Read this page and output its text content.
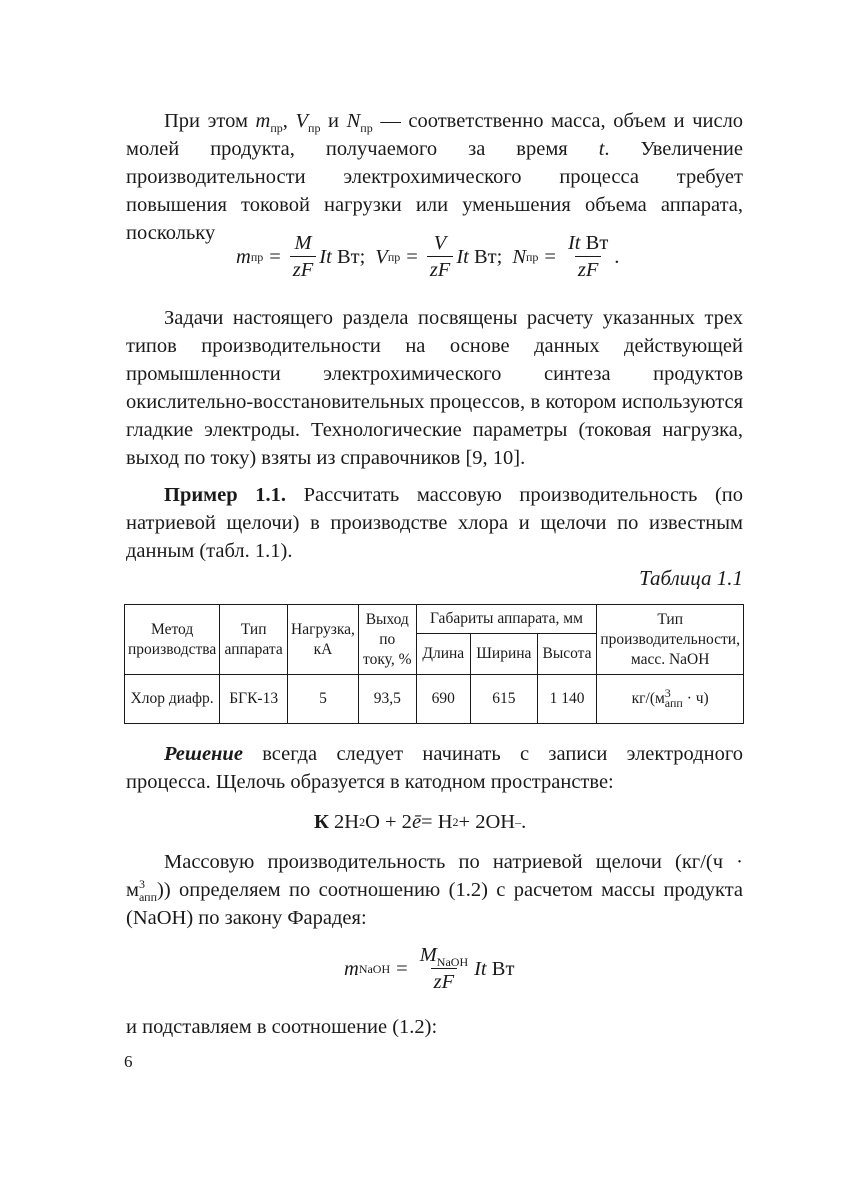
При этом $m_{пр}$, $V_{пр}$ и $N_{пр}$ — соответственно масса, объем и число молей продукта, получаемого за время t. Увеличение производительности электрохимического процесса требует повышения токовой нагрузки или уменьшения объема аппарата, поскольку

m пр = $\frac{M}{zF}$ It
Вт ; V пр = $\frac{V}{zF}$ It
Вт ; N пр = $\frac{\text{It Вт}}{zF}$ .

Задачи настоящего раздела посвящены расчету указанных трех типов производительности на основе данных действующей промышленности электрохимического синтеза продуктов окислительно-восстановительных процессов, в котором используются гладкие электроды. Технологические параметры (токовая нагрузка, выход по току) взяты из справочников [9, 10].

Пример 1.1. Рассчитать массовую производительность (по натриевой щелочи) в производстве хлора и щелочи по известным данным (табл. 1.1).

Таблица 1.1
Метод производства	Тип аппарата	Нагрузка, кА	Выход по току, %	Габариты аппарата, мм			Тип производительности, масс. NaOH
				Длина	Ширина	Высота	
Хлор диафр.	БГК-13	5	93,5	690	615	1 140	$кг/(м^3_{апп} \cdot ч)$

Решение всегда следует начинать с записи электродного процесса. Щелочь образуется в катодном пространстве:

К
2H 2 O + 2 ē = H 2 + 2OH – .

Массовую производительность по натриевой щелочи $(кг/(ч \cdot м^3_{апп}))$ определяем по соотношению (1.2) с расчетом массы продукта (NaOH) по закону Фарадея:

m NaOH = $\frac{M_{NaOH}}{zF}$ It
Вт

и подставляем в соотношение (1.2):

6
